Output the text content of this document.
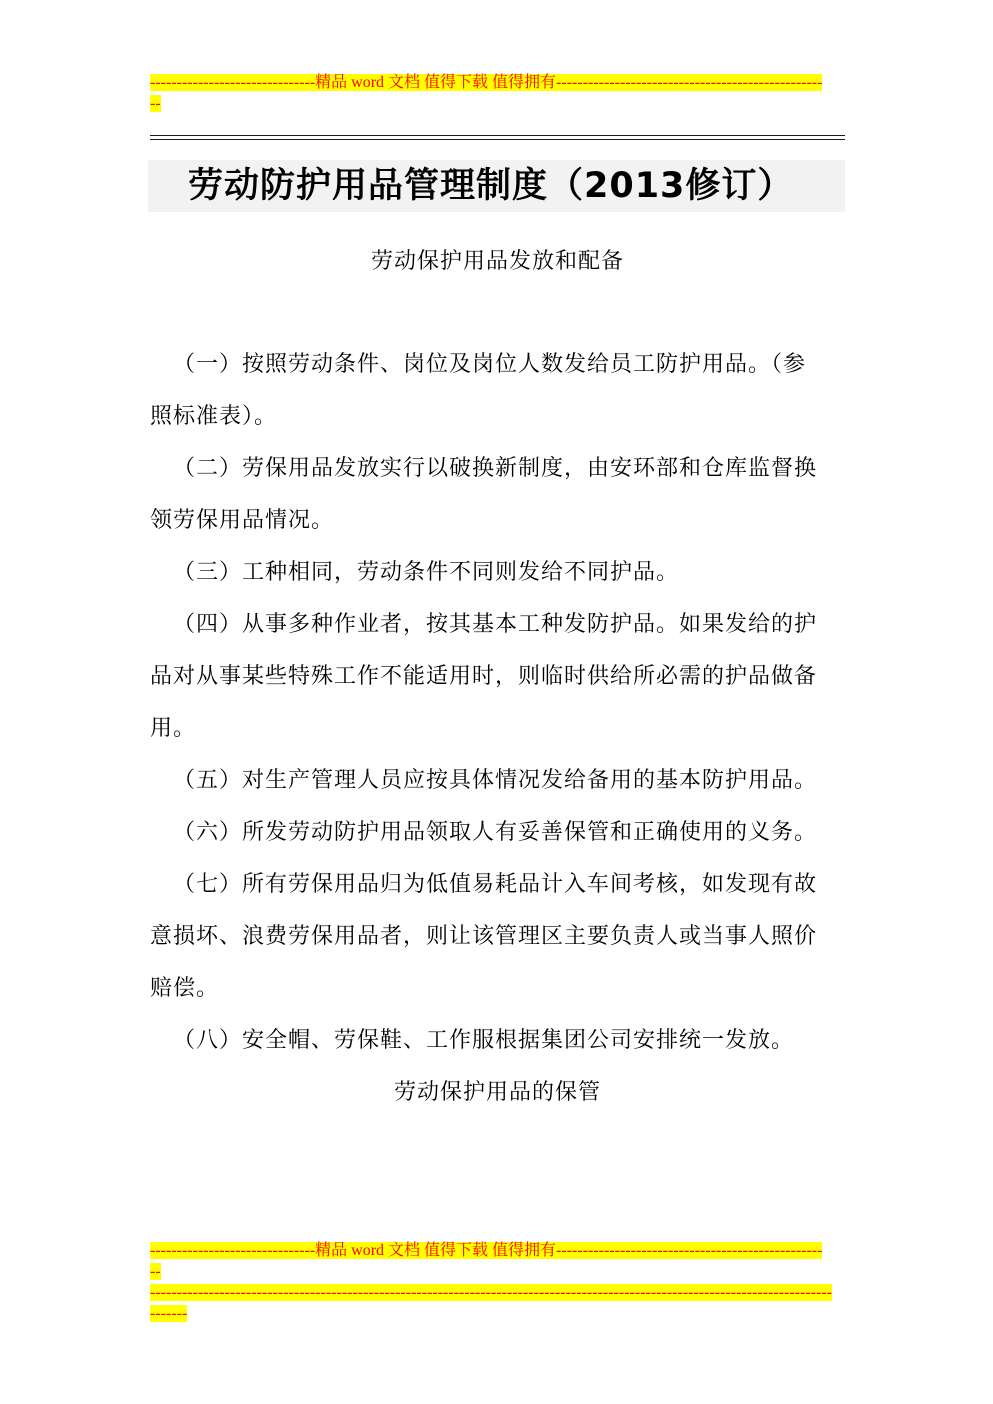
-------------------------------精品 word 文档 值得下载 值得拥有--------------------------------------------------
--
劳动防护用品管理制度（2013修订）
劳动保护用品发放和配备
（一）按照劳动条件、岗位及岗位人数发给员工防护用品。（参
照标准表）。
（二）劳保用品发放实行以破换新制度，由安环部和仓库监督换
领劳保用品情况。
（三）工种相同，劳动条件不同则发给不同护品。
（四）从事多种作业者，按其基本工种发防护品。如果发给的护
品对从事某些特殊工作不能适用时，则临时供给所必需的护品做备
用。
（五）对生产管理人员应按具体情况发给备用的基本防护用品。
（六）所发劳动防护用品领取人有妥善保管和正确使用的义务。
（七）所有劳保用品归为低值易耗品计入车间考核，如发现有故
意损坏、浪费劳保用品者，则让该管理区主要负责人或当事人照价
赔偿。
（八）安全帽、劳保鞋、工作服根据集团公司安排统一发放。
劳动保护用品的保管
-------------------------------精品 word 文档 值得下载 值得拥有--------------------------------------------------
--
--------------------------------------------------------------------------------------------------------------------------------
-------
